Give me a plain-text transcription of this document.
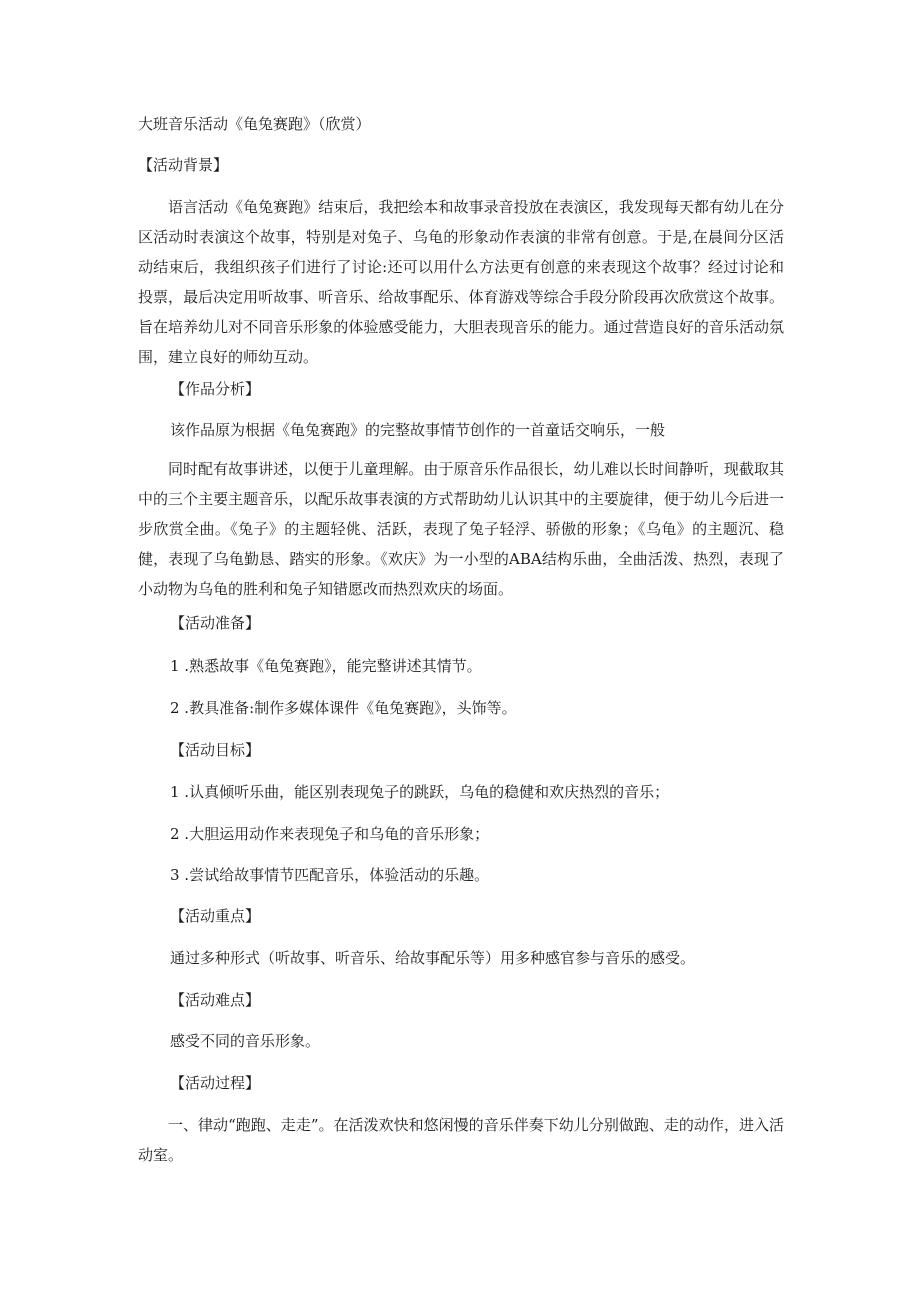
大班音乐活动《龟兔赛跑》（欣赏）
【活动背景】
语言活动《龟兔赛跑》结束后，我把绘本和故事录音投放在表演区，我发现每天都有幼儿在分区活动时表演这个故事，特别是对兔子、乌龟的形象动作表演的非常有创意。于是,在晨间分区活动结束后，我组织孩子们进行了讨论:还可以用什么方法更有创意的来表现这个故事？经过讨论和投票，最后决定用听故事、听音乐、给故事配乐、体育游戏等综合手段分阶段再次欣赏这个故事。旨在培养幼儿对不同音乐形象的体验感受能力，大胆表现音乐的能力。通过营造良好的音乐活动氛围，建立良好的师幼互动。
【作品分析】
该作品原为根据《龟兔赛跑》的完整故事情节创作的一首童话交响乐，一般
同时配有故事讲述，以便于儿童理解。由于原音乐作品很长，幼儿难以长时间静听，现截取其中的三个主要主题音乐，以配乐故事表演的方式帮助幼儿认识其中的主要旋律，便于幼儿今后进一步欣赏全曲。《兔子》的主题轻佻、活跃，表现了兔子轻浮、骄傲的形象；《乌龟》的主题沉、稳健，表现了乌龟勤恳、踏实的形象。《欢庆》为一小型的ABA结构乐曲，全曲活泼、热烈，表现了小动物为乌龟的胜利和兔子知错愿改而热烈欢庆的场面。
【活动准备】
1 .熟悉故事《龟兔赛跑》，能完整讲述其情节。
2 .教具准备:制作多媒体课件《龟兔赛跑》，头饰等。
【活动目标】
1 .认真倾听乐曲，能区别表现兔子的跳跃，乌龟的稳健和欢庆热烈的音乐；
2 .大胆运用动作来表现兔子和乌龟的音乐形象；
3 .尝试给故事情节匹配音乐，体验活动的乐趣。
【活动重点】
通过多种形式（听故事、听音乐、给故事配乐等）用多种感官参与音乐的感受。
【活动难点】
感受不同的音乐形象。
【活动过程】
一、律动“跑跑、走走”。在活泼欢快和悠闲慢的音乐伴奏下幼儿分别做跑、走的动作，进入活动室。
